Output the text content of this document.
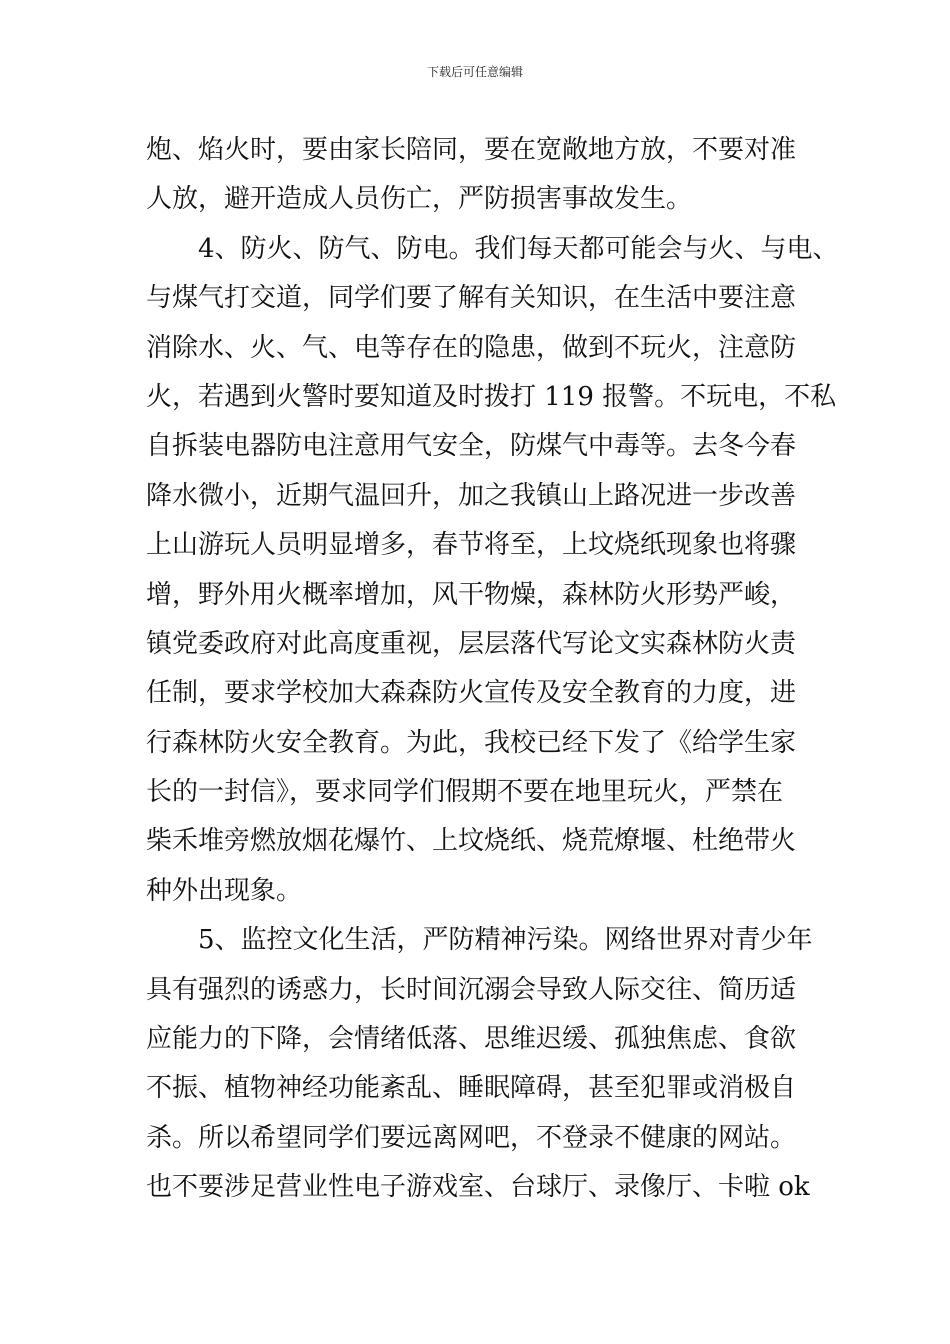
下载后可任意编辑
炮、焰火时，要由家长陪同，要在宽敞地方放，不要对准
人放，避开造成人员伤亡，严防损害事故发生。
4、防火、防气、防电。我们每天都可能会与火、与电、
与煤气打交道，同学们要了解有关知识，在生活中要注意
消除水、火、气、电等存在的隐患，做到不玩火，注意防
火，若遇到火警时要知道及时拨打 119 报警。不玩电，不私
自拆装电器防电注意用气安全，防煤气中毒等。去冬今春
降水微小，近期气温回升，加之我镇山上路况进一步改善
上山游玩人员明显增多，春节将至，上坟烧纸现象也将骤
增，野外用火概率增加，风干物燥，森林防火形势严峻，
镇党委政府对此高度重视，层层落代写论文实森林防火责
任制，要求学校加大森森防火宣传及安全教育的力度，进
行森林防火安全教育。为此，我校已经下发了《给学生家
长的一封信》，要求同学们假期不要在地里玩火，严禁在
柴禾堆旁燃放烟花爆竹、上坟烧纸、烧荒燎堰、杜绝带火
种外出现象。
5、监控文化生活，严防精神污染。网络世界对青少年
具有强烈的诱惑力，长时间沉溺会导致人际交往、简历适
应能力的下降，会情绪低落、思维迟缓、孤独焦虑、食欲
不振、植物神经功能紊乱、睡眠障碍，甚至犯罪或消极自
杀。所以希望同学们要远离网吧，不登录不健康的网站。
也不要涉足营业性电子游戏室、台球厅、录像厅、卡啦 ok
